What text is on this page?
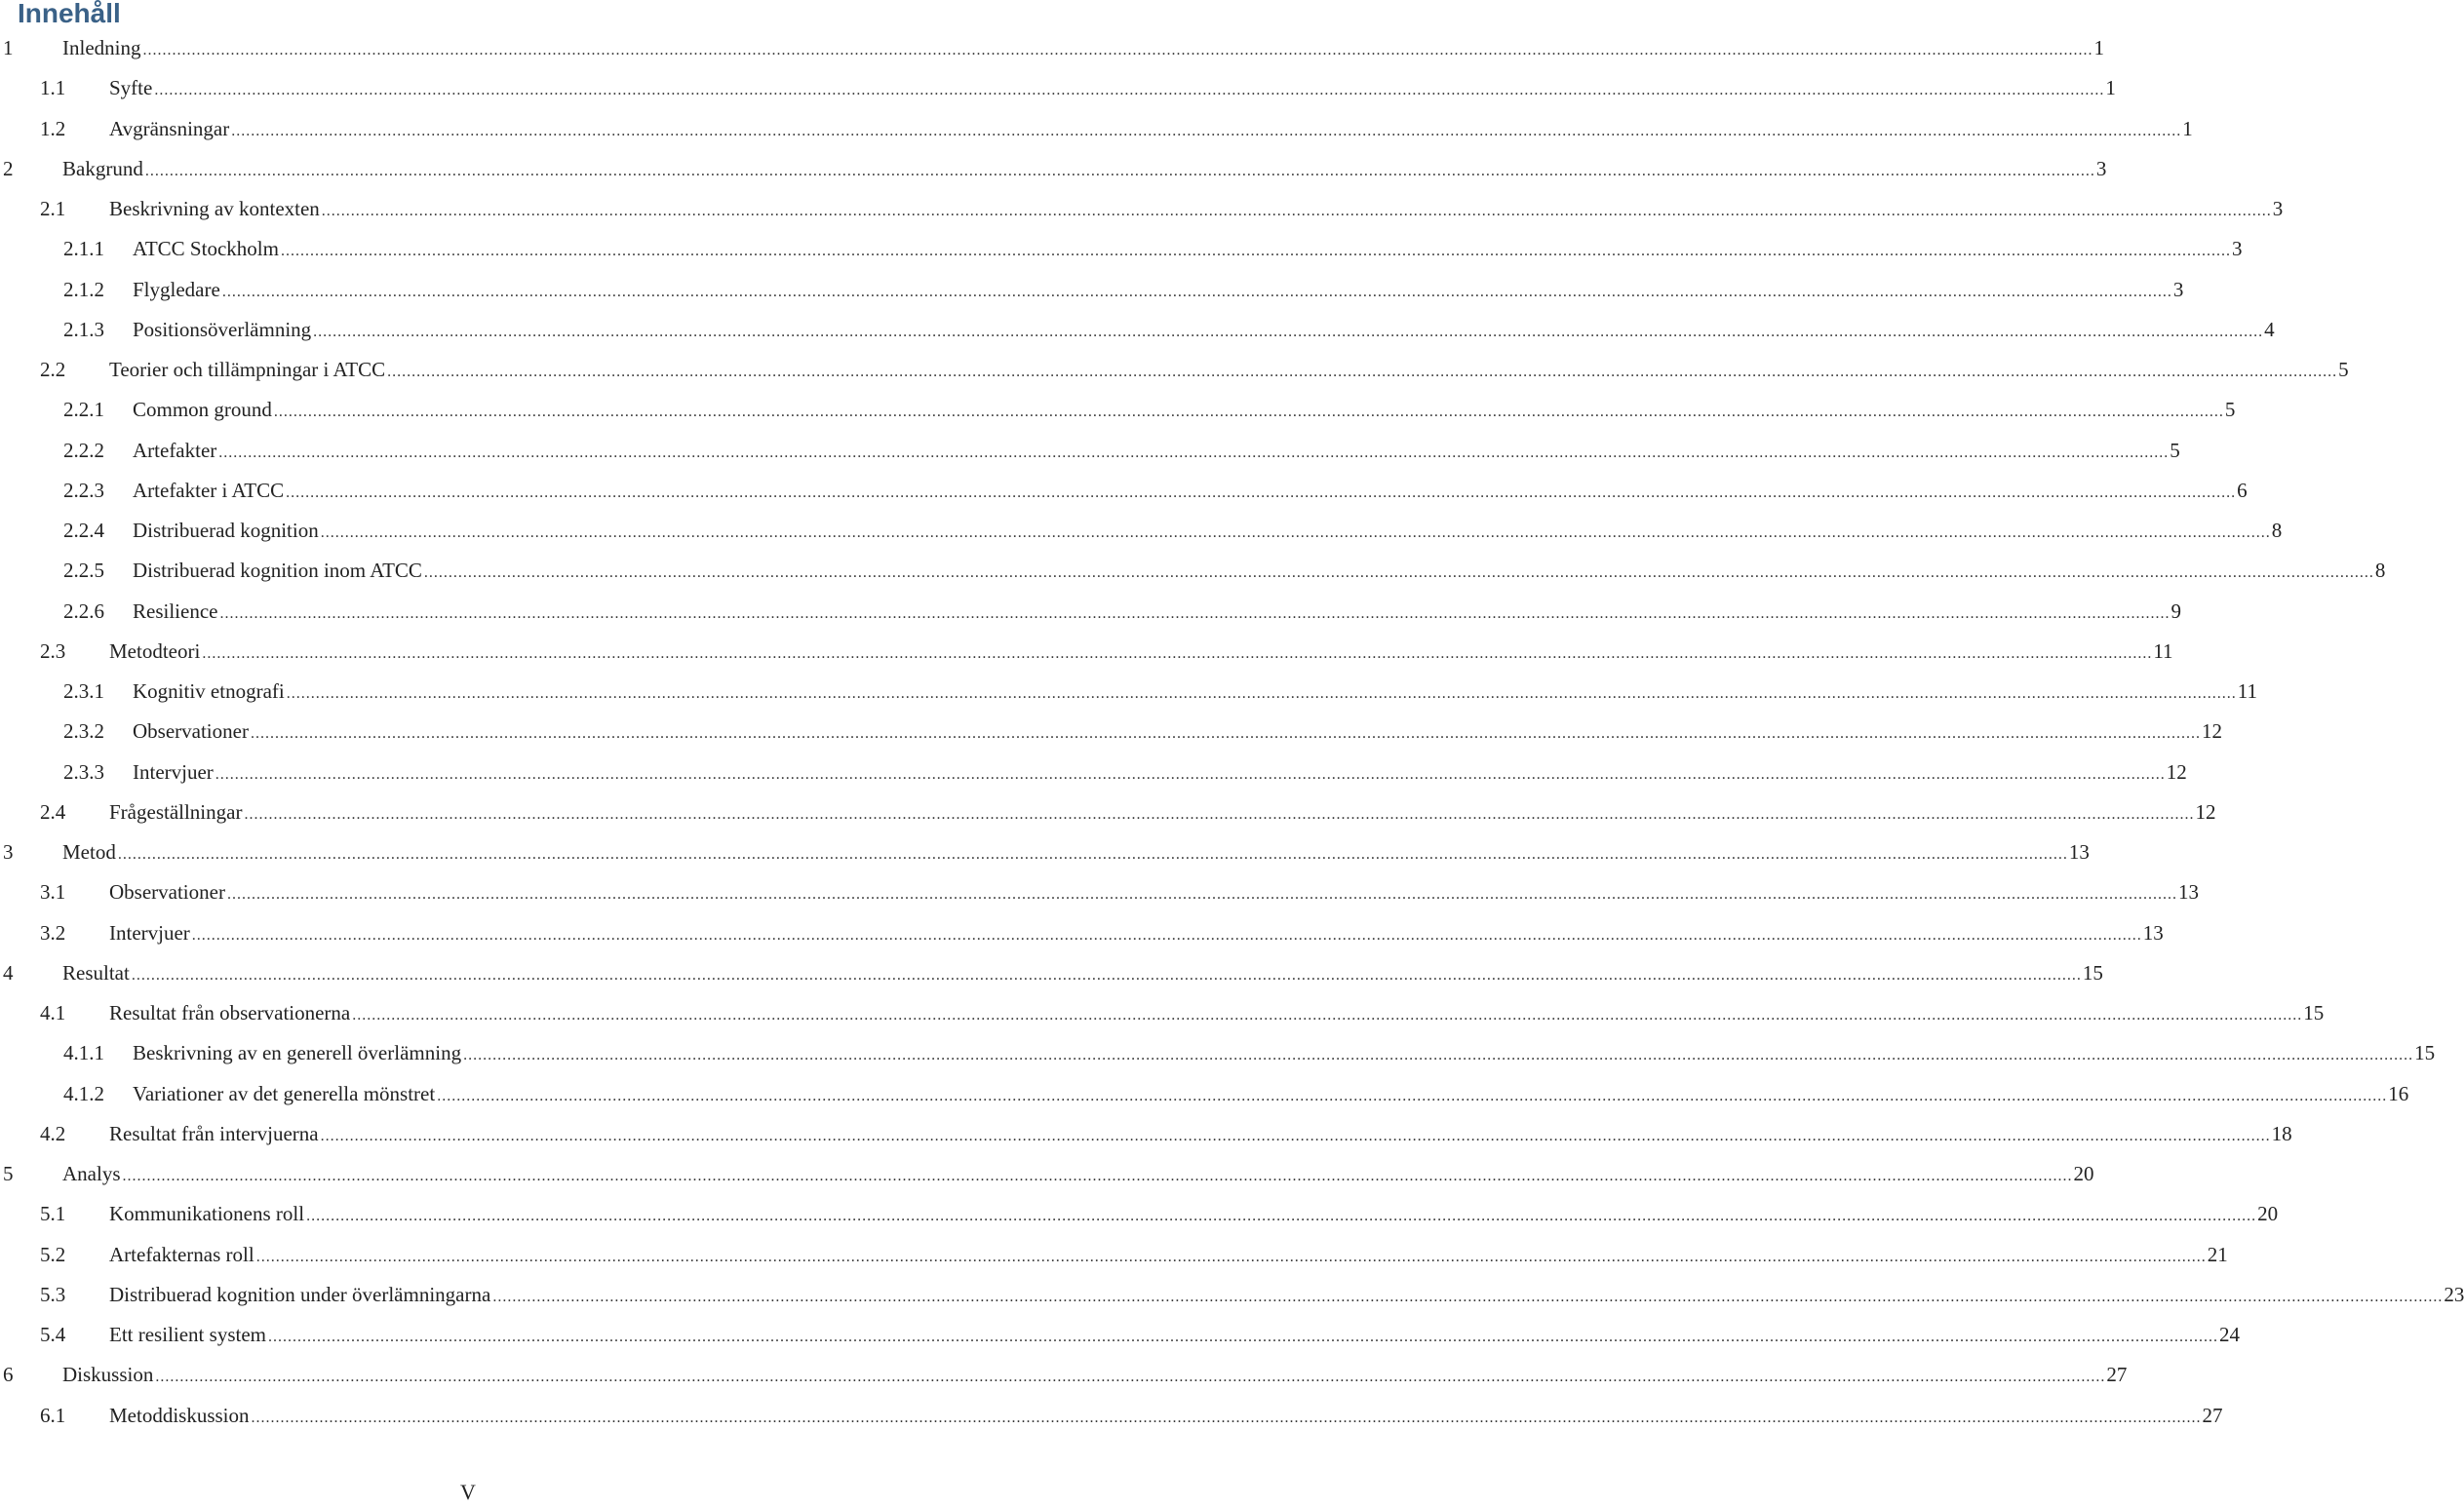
Innehåll
1 Inledning ................................................................................................................................................................................................................................................................................................................................................................................................................ 1
1.1 Syfte ................................................................................................................................................................................................................................................................................................................................................................................................................ 1
1.2 Avgränsningar ................................................................................................................................................................................................................................................................................................................................................................................................................ 1
2 Bakgrund ................................................................................................................................................................................................................................................................................................................................................................................................................ 3
2.1 Beskrivning av kontexten ................................................................................................................................................................................................................................................................................................................................................................................................................ 3
2.1.1 ATCC Stockholm ................................................................................................................................................................................................................................................................................................................................................................................................................ 3
2.1.2 Flygledare ................................................................................................................................................................................................................................................................................................................................................................................................................ 3
2.1.3 Positionsöverlämning ................................................................................................................................................................................................................................................................................................................................................................................................................ 4
2.2 Teorier och tillämpningar i ATCC ................................................................................................................................................................................................................................................................................................................................................................................................................ 5
2.2.1 Common ground ................................................................................................................................................................................................................................................................................................................................................................................................................ 5
2.2.2 Artefakter ................................................................................................................................................................................................................................................................................................................................................................................................................ 5
2.2.3 Artefakter i ATCC ................................................................................................................................................................................................................................................................................................................................................................................................................ 6
2.2.4 Distribuerad kognition ................................................................................................................................................................................................................................................................................................................................................................................................................ 8
2.2.5 Distribuerad kognition inom ATCC ................................................................................................................................................................................................................................................................................................................................................................................................................ 8
2.2.6 Resilience ................................................................................................................................................................................................................................................................................................................................................................................................................ 9
2.3 Metodteori ................................................................................................................................................................................................................................................................................................................................................................................................................ 11
2.3.1 Kognitiv etnografi ................................................................................................................................................................................................................................................................................................................................................................................................................ 11
2.3.2 Observationer ................................................................................................................................................................................................................................................................................................................................................................................................................ 12
2.3.3 Intervjuer ................................................................................................................................................................................................................................................................................................................................................................................................................ 12
2.4 Frågeställningar ................................................................................................................................................................................................................................................................................................................................................................................................................ 12
3 Metod ................................................................................................................................................................................................................................................................................................................................................................................................................ 13
3.1 Observationer ................................................................................................................................................................................................................................................................................................................................................................................................................ 13
3.2 Intervjuer ................................................................................................................................................................................................................................................................................................................................................................................................................ 13
4 Resultat ................................................................................................................................................................................................................................................................................................................................................................................................................ 15
4.1 Resultat från observationerna ................................................................................................................................................................................................................................................................................................................................................................................................................ 15
4.1.1 Beskrivning av en generell överlämning ................................................................................................................................................................................................................................................................................................................................................................................................................ 15
4.1.2 Variationer av det generella mönstret ................................................................................................................................................................................................................................................................................................................................................................................................................ 16
4.2 Resultat från intervjuerna ................................................................................................................................................................................................................................................................................................................................................................................................................ 18
5 Analys ................................................................................................................................................................................................................................................................................................................................................................................................................ 20
5.1 Kommunikationens roll ................................................................................................................................................................................................................................................................................................................................................................................................................ 20
5.2 Artefakternas roll ................................................................................................................................................................................................................................................................................................................................................................................................................ 21
5.3 Distribuerad kognition under överlämningarna ................................................................................................................................................................................................................................................................................................................................................................................................................ 23
5.4 Ett resilient system ................................................................................................................................................................................................................................................................................................................................................................................................................ 24
6 Diskussion ................................................................................................................................................................................................................................................................................................................................................................................................................ 27
6.1 Metoddiskussion ................................................................................................................................................................................................................................................................................................................................................................................................................ 27
V
